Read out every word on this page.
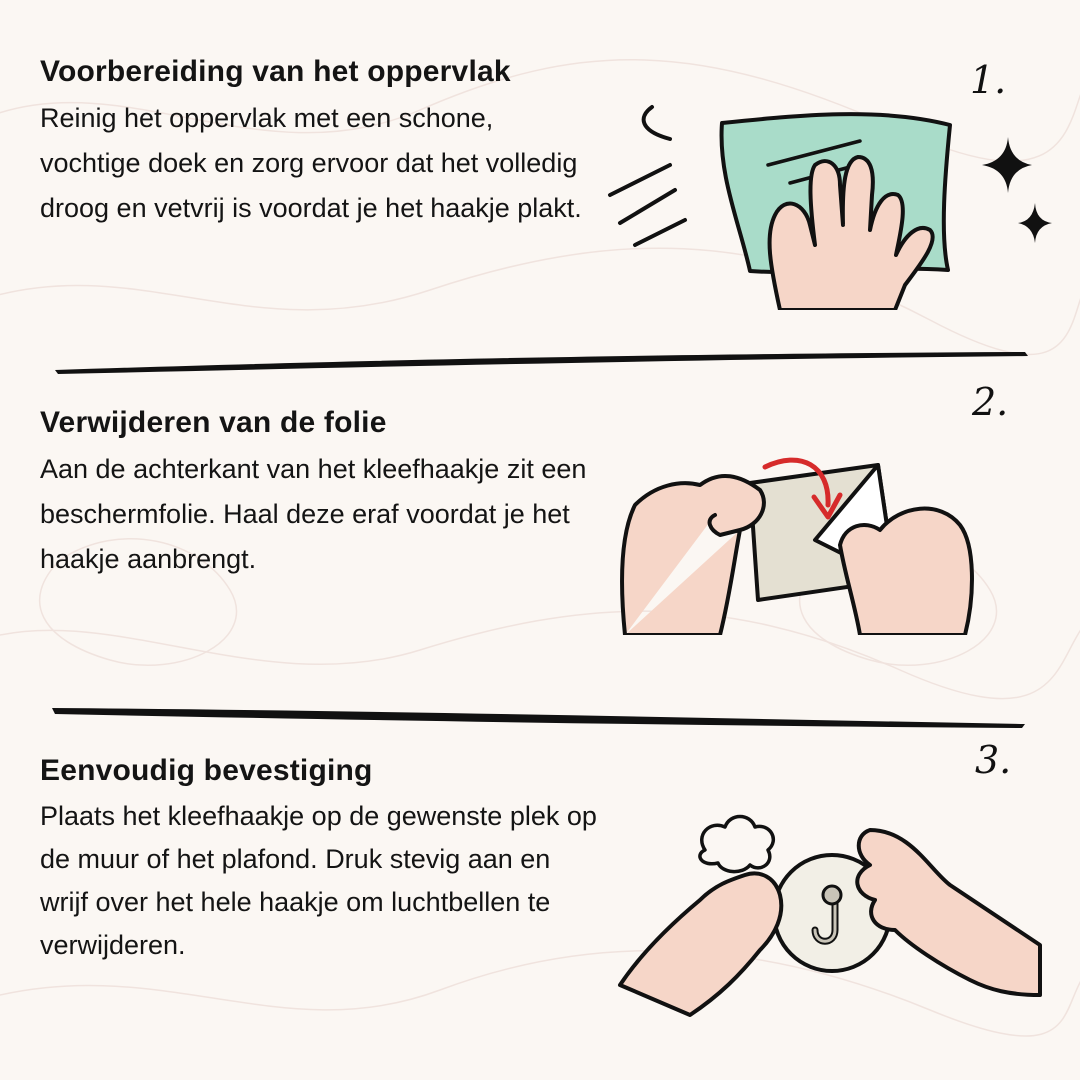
Voorbereiding van het oppervlak

Reinig het oppervlak met een schone, vochtige doek en zorg ervoor dat het volledig droog en vetvrij is voordat je het haakje plakt.

1.
Verwijderen van de folie

Aan de achterkant van het kleefhaakje zit een beschermfolie. Haal deze eraf voordat je het haakje aanbrengt.

2.
Eenvoudig bevestiging

Plaats het kleefhaakje op de gewenste plek op de muur of het plafond. Druk stevig aan en wrijf over het hele haakje om luchtbellen te verwijderen.

3.
